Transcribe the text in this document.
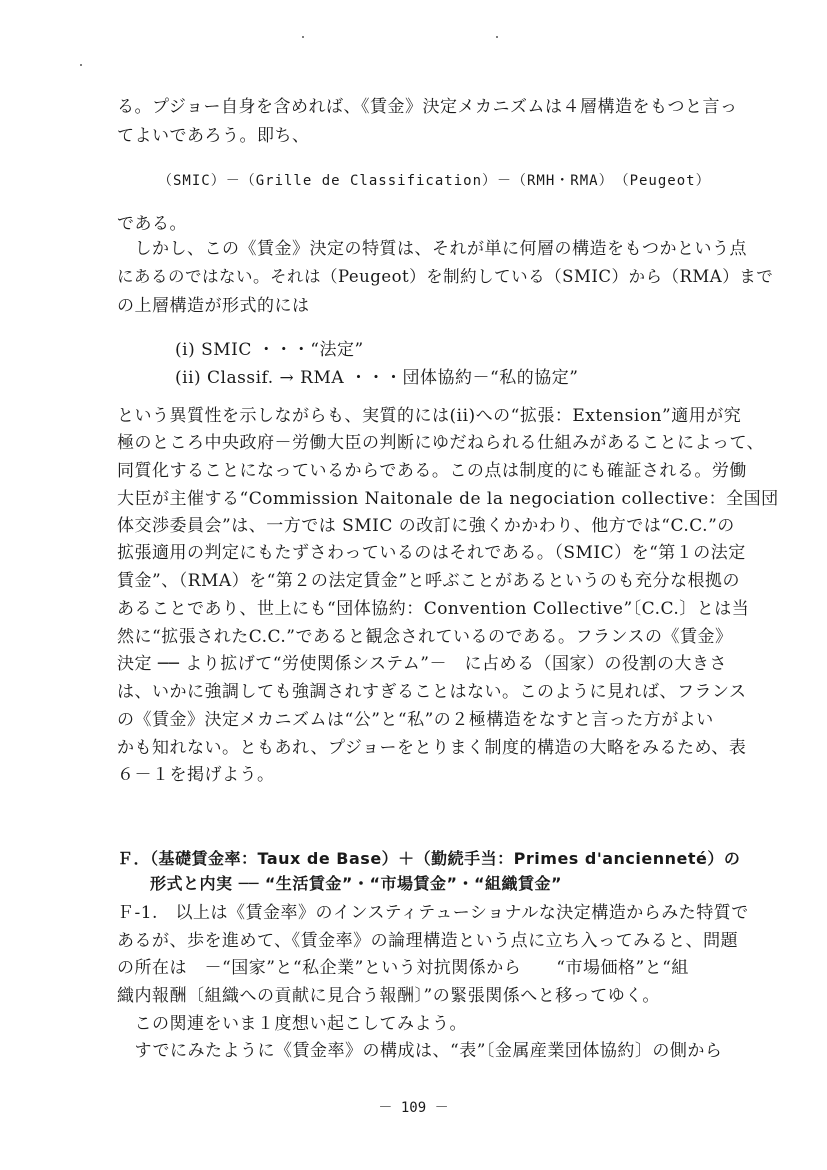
る。プジョー自身を含めれば、《賃金》決定メカニズムは４層構造をもつと言っ
てよいであろう。即ち、
（SMIC）－（Grille de Classification）－（RMH・RMA）　（Peugeot）
である。
　しかし、この《賃金》決定の特質は、それが単に何層の構造をもつかという点
にあるのではない。それは（Peugeot）を制約している（SMIC）から（RMA）まで
の上層構造が形式的には
(i) SMIC ・・・“法定”
(ii) Classif. → RMA ・・・団体協約－“私的協定”
という異質性を示しながらも、実質的には(ii)への“拡張：Extension”適用が究
極のところ中央政府－労働大臣の判断にゆだねられる仕組みがあることによって、
同質化することになっているからである。この点は制度的にも確証される。労働
大臣が主催する“Commission Naitonale de la negociation collective：全国団
体交渉委員会”は、一方では SMIC の改訂に強くかかわり、他方では“C.C.”の
拡張適用の判定にもたずさわっているのはそれである。（SMIC）を“第１の法定
賃金”、（RMA）を“第２の法定賃金”と呼ぶことがあるというのも充分な根拠の
あることであり、世上にも“団体協約：Convention Collective”〔C.C.〕とは当
然に“拡張されたC.C.”であると観念されているのである。フランスの《賃金》
決定 ── より拡げて“労使関係システム”－　に占める（国家）の役割の大きさ
は、いかに強調しても強調されすぎることはない。このように見れば、フランス
の《賃金》決定メカニズムは“公”と“私”の２極構造をなすと言った方がよい
かも知れない。ともあれ、プジョーをとりまく制度的構造の大略をみるため、表
６－１を掲げよう。
Ｆ．（基礎賃金率：Taux de Base）＋（勤続手当：Primes d'ancienneté）の
　　形式と内実 ── “生活賃金”・“市場賃金”・“組織賃金”
Ｆ-1.　以上は《賃金率》のインスティテューショナルな決定構造からみた特質で
あるが、歩を進めて、《賃金率》の論理構造という点に立ち入ってみると、問題
の所在は　－“国家”と“私企業”という対抗関係から　　“市場価格”と“組
織内報酬〔組織への貢献に見合う報酬〕”の緊張関係へと移ってゆく。
　この関連をいま１度想い起こしてみよう。
　すでにみたように《賃金率》の構成は、“表”〔金属産業団体協約〕の側から
－ 109 －
